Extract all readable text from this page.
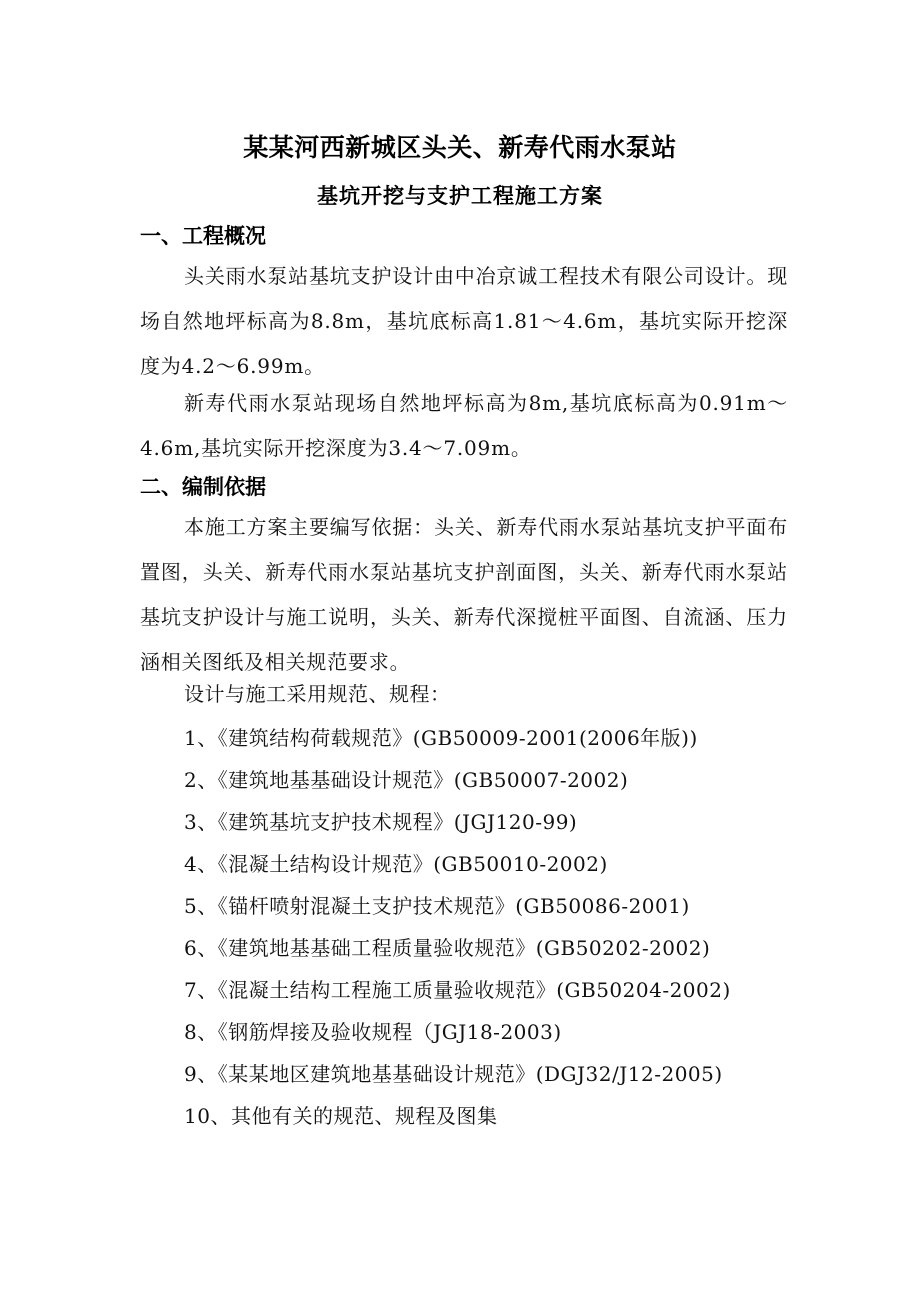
某某河西新城区头关、新寿代雨水泵站
基坑开挖与支护工程施工方案
一、工程概况

头关雨水泵站基坑支护设计由中冶京诚工程技术有限公司设计。现场自然地坪标高为8.8m，基坑底标高1.81～4.6m，基坑实际开挖深度为4.2～6.99m。

新寿代雨水泵站现场自然地坪标高为8m,基坑底标高为0.91m～4.6m,基坑实际开挖深度为3.4～7.09m。

二、编制依据

本施工方案主要编写依据：头关、新寿代雨水泵站基坑支护平面布置图，头关、新寿代雨水泵站基坑支护剖面图，头关、新寿代雨水泵站基坑支护设计与施工说明，头关、新寿代深搅桩平面图、自流涵、压力涵相关图纸及相关规范要求。

设计与施工采用规范、规程：
1、《建筑结构荷载规范》(GB50009-2001(2006年版))
2、《建筑地基基础设计规范》(GB50007-2002)
3、《建筑基坑支护技术规程》(JGJ120-99)
4、《混凝土结构设计规范》(GB50010-2002)
5、《锚杆喷射混凝土支护技术规范》(GB50086-2001)
6、《建筑地基基础工程质量验收规范》(GB50202-2002)
7、《混凝土结构工程施工质量验收规范》(GB50204-2002)
8、《钢筋焊接及验收规程（JGJ18-2003)
9、《某某地区建筑地基基础设计规范》(DGJ32/J12-2005)
10、其他有关的规范、规程及图集
